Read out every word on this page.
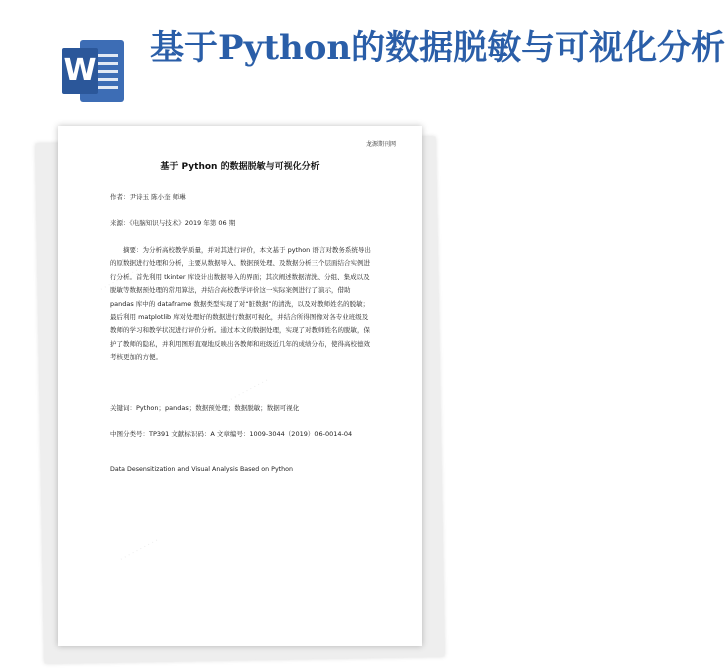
W
基于Python的数据脱敏与可视化分析
· · · · · · · · · ·
· · · · · · · · · ·
· · · · · · · · · ·
龙源期刊网
基于 Python 的数据脱敏与可视化分析
作者：尹诗玉 陈小奎 师琳
来源：《电脑知识与技术》2019 年第 06 期

摘要：为分析高校教学质量，并对其进行评价，本文基于 python 语言对教务系统导出的原数据进行处理和分析，主要从数据导入、数据预处理、及数据分析三个层面结合实例进行分析。首先利用 tkinter 库设计出数据导入的界面；其次阐述数据清洗、分组、集成以及脱敏等数据预处理的常用算法，并结合高校教学评价这一实际案例进行了演示，借助 pandas 库中的 dataframe 数据类型实现了对“脏数据”的清洗，以及对教师姓名的脱敏；最后利用 matplotlib 库对处理好的数据进行数据可视化，并结合所得图像对各专业班级及教师的学习和教学状况进行评价分析。通过本文的数据处理，实现了对教师姓名的脱敏，保护了教师的隐私，并利用图形直观地反映出各教师和班级近几年的成绩分布，使得高校德效考核更加的方便。

关键词：Python；pandas；数据预处理；数据脱敏；数据可视化
中图分类号：TP391 文献标识码：A 文章编号：1009-3044（2019）06-0014-04
Data Desensitization and Visual Analysis Based on Python
